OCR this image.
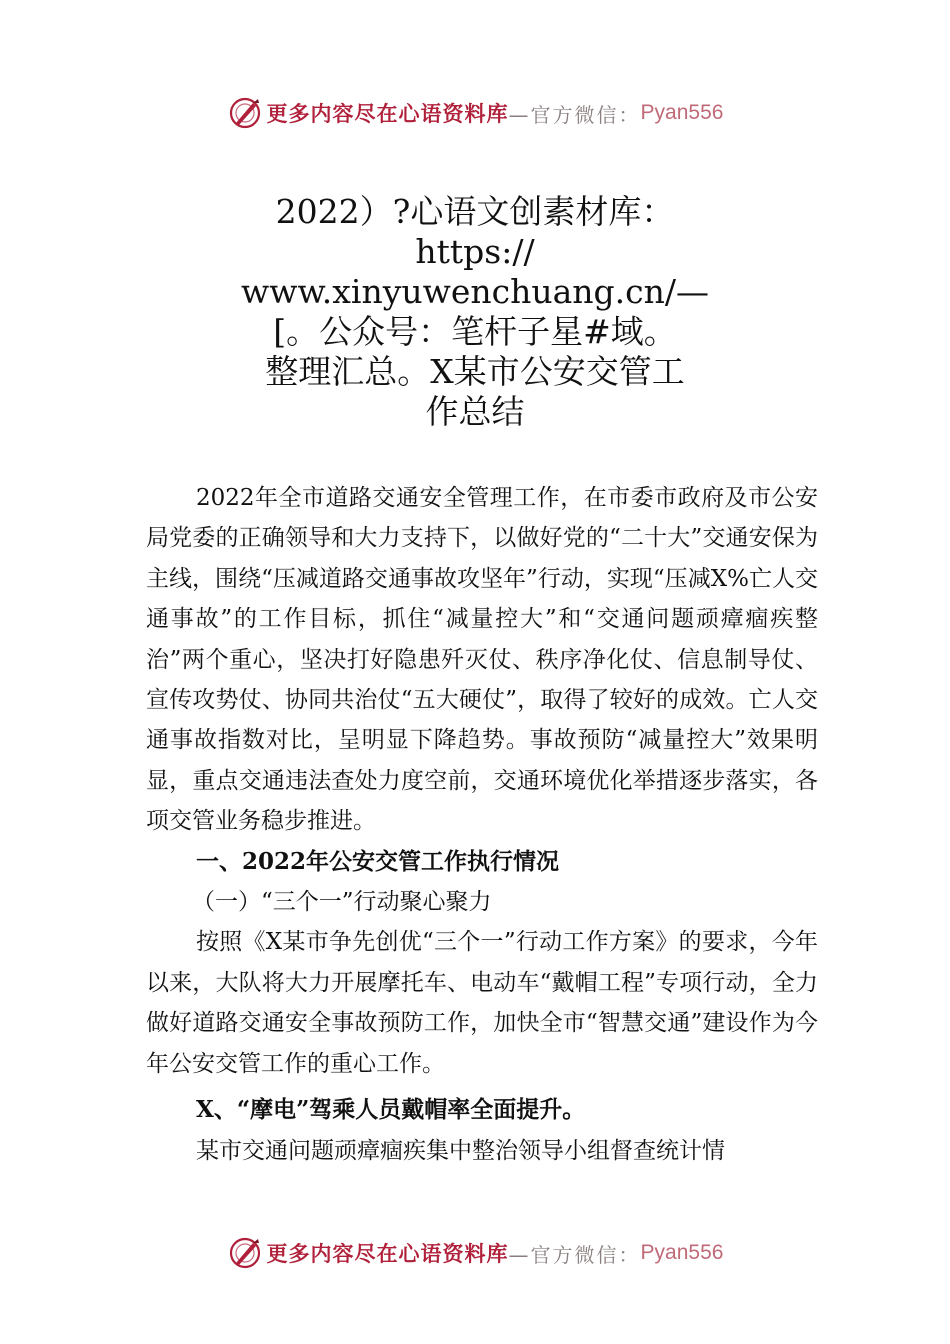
更多内容尽在心语资料库 —官方微信： Pyan556
2022）?心语文创素材库：
https://
www.xinyuwenchuang.cn/—
[。公众号：笔杆子星#域。
整理汇总。X某市公安交管工
作总结

2022年全市道路交通安全管理工作，在市委市政府及市公安局党委的正确领导和大力支持下，以做好党的“二十大”交通安保为主线，围绕“压减道路交通事故攻坚年”行动，实现“压减X%亡人交通事故”的工作目标，抓住“减量控大”和“交通问题顽瘴痼疾整治”两个重心，坚决打好隐患歼灭仗、秩序净化仗、信息制导仗、宣传攻势仗、协同共治仗“五大硬仗”，取得了较好的成效。亡人交通事故指数对比，呈明显下降趋势。事故预防“减量控大”效果明显，重点交通违法查处力度空前，交通环境优化举措逐步落实，各项交管业务稳步推进。

一、2022年公安交管工作执行情况

（一）“三个一”行动聚心聚力

按照《X某市争先创优“三个一”行动工作方案》的要求，今年以来，大队将大力开展摩托车、电动车“戴帽工程”专项行动，全力做好道路交通安全事故预防工作，加快全市“智慧交通”建设作为今年公安交管工作的重心工作。

X、“摩电”驾乘人员戴帽率全面提升。

某市交通问题顽瘴痼疾集中整治领导小组督查统计情

更多内容尽在心语资料库 —官方微信： Pyan556
